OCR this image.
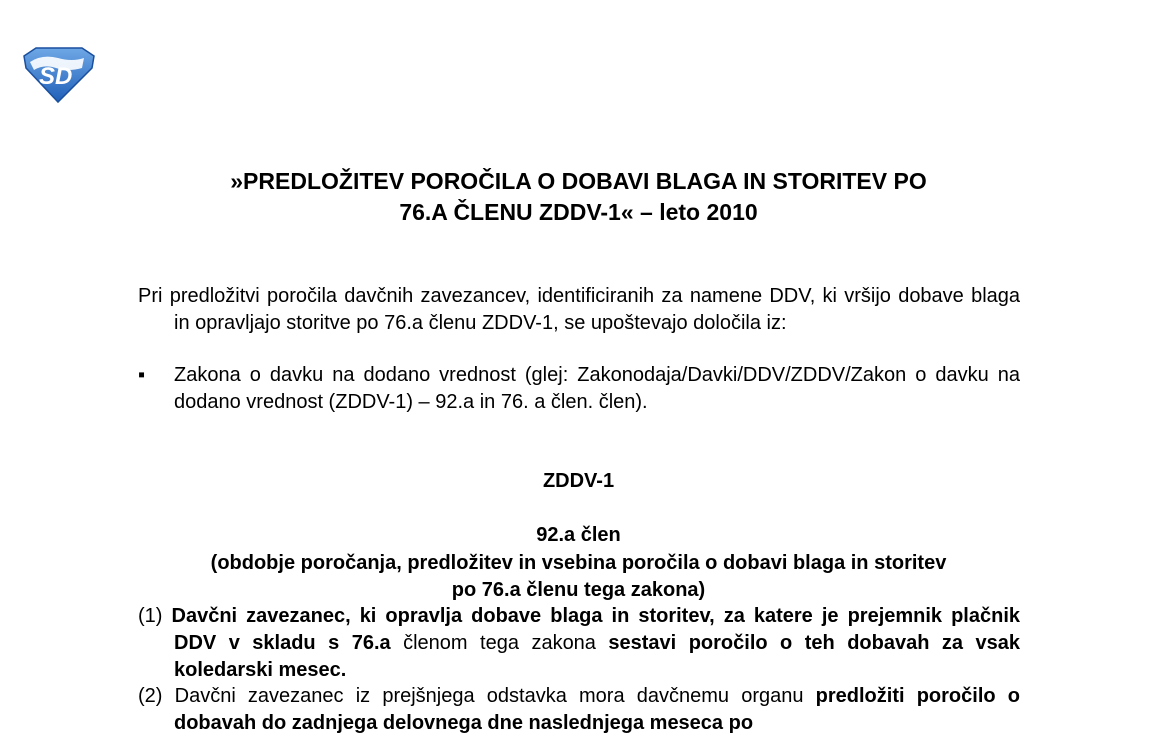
SD
»PREDLOŽITEV POROČILA O DOBAVI BLAGA IN STORITEV PO
76.A ČLENU ZDDV-1« – leto 2010
Pri predložitvi poročila davčnih zavezancev, identificiranih za namene DDV, ki vršijo dobave blaga in opravljajo storitve po 76.a členu ZDDV-1, se upoštevajo določila iz:
▪	Zakona o davku na dodano vrednost (glej: Zakonodaja/Davki/DDV/ZDDV/Zakon o davku na dodano vrednost (ZDDV-1) – 92.a in 76. a člen. člen).
ZDDV-1
92.a člen
(obdobje poročanja, predložitev in vsebina poročila o dobavi blaga in storitev
po 76.a členu tega zakona)
(1) Davčni zavezanec, ki opravlja dobave blaga in storitev, za katere je prejemnik plačnik DDV v skladu s 76.a členom tega zakona sestavi poročilo o teh dobavah za vsak koledarski mesec.
(2) Davčni zavezanec iz prejšnjega odstavka mora davčnemu organu predložiti poročilo o dobavah do zadnjega delovnega dne naslednjega meseca po
